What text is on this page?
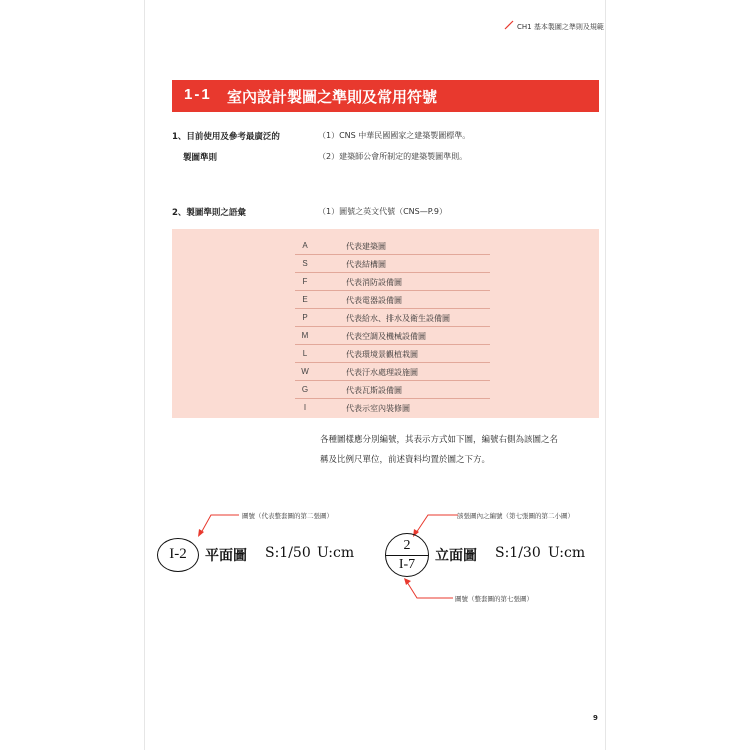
CH1 基本製圖之準則及規範
1-1 室內設計製圖之準則及常用符號
1、目前使用及參考最廣泛的
製圖準則
（1）CNS 中華民國國家之建築製圖標準。
（2）建築師公會所制定的建築製圖準則。
2、製圖準則之語彙	（1）圖號之英文代號（CNS—P.9）
A	代表建築圖
S	代表結構圖
F	代表消防設備圖
E	代表電器設備圖
P	代表給水、排水及衛生設備圖
M	代表空調及機械設備圖
L	代表環境景觀植栽圖
W	代表汙水處理設施圖
G	代表瓦斯設備圖
I	代表示室內裝修圖
各種圖樣應分別編號，其表示方式如下圖，編號右側為該圖之名
稱及比例尺單位，前述資料均置於圖之下方。
圖號（代表整套圖的第二張圖）
I-2	平面圖 S:1/50 U:cm
該張圖內之編號（第七張圖的第二小圖）
2
I-7
立面圖 S:1/30 U:cm
圖號（整套圖的第七張圖）
9
